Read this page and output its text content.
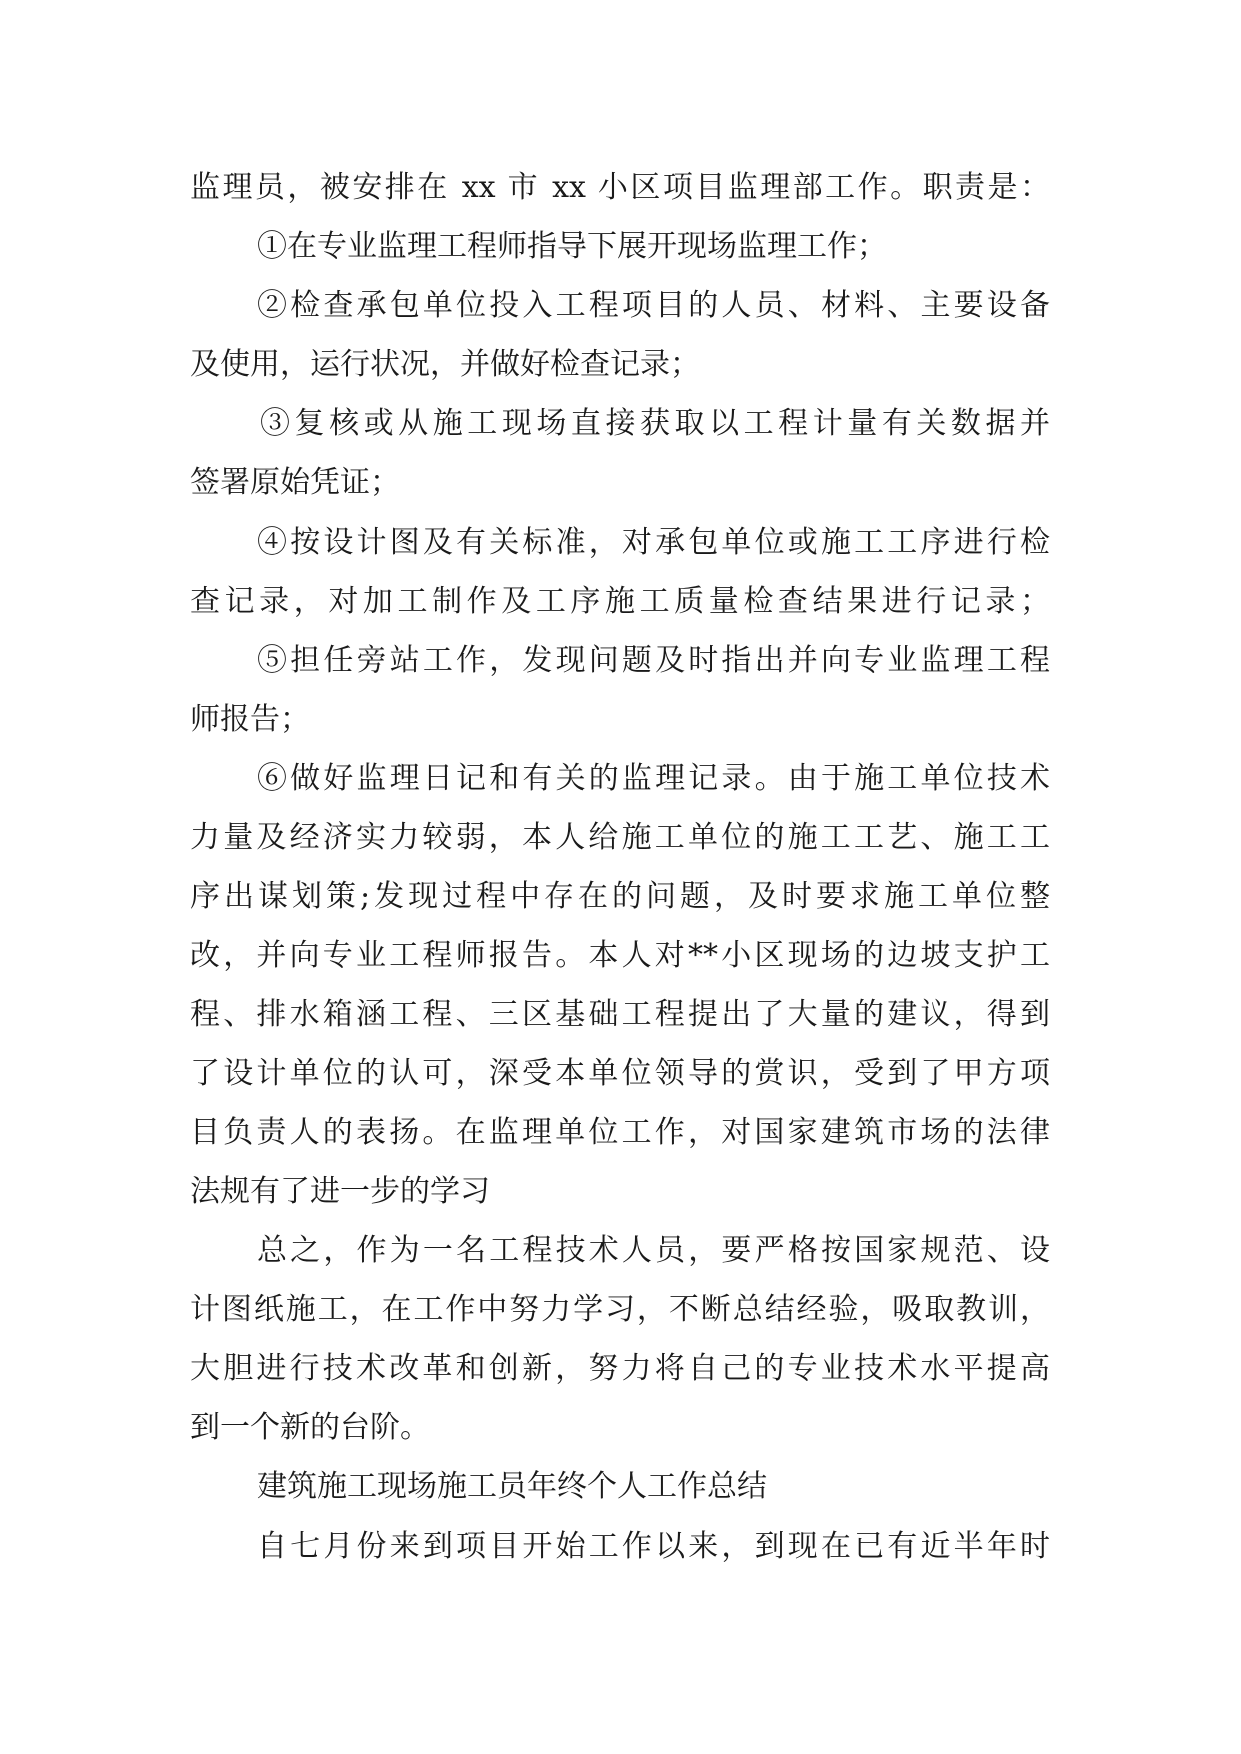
监理员，被安排在 xx 市 xx 小区项目监理部工作。职责是：
①在专业监理工程师指导下展开现场监理工作；
②检查承包单位投入工程项目的人员、材料、主要设备
及使用，运行状况，并做好检查记录；
③复核或从施工现场直接获取以工程计量有关数据并
签署原始凭证；
④按设计图及有关标准，对承包单位或施工工序进行检
查记录，对加工制作及工序施工质量检查结果进行记录；
⑤担任旁站工作，发现问题及时指出并向专业监理工程
师报告；
⑥做好监理日记和有关的监理记录。由于施工单位技术
力量及经济实力较弱，本人给施工单位的施工工艺、施工工
序出谋划策;发现过程中存在的问题，及时要求施工单位整
改，并向专业工程师报告。本人对**小区现场的边坡支护工
程、排水箱涵工程、三区基础工程提出了大量的建议，得到
了设计单位的认可，深受本单位领导的赏识，受到了甲方项
目负责人的表扬。在监理单位工作，对国家建筑市场的法律
法规有了进一步的学习
总之，作为一名工程技术人员，要严格按国家规范、设
计图纸施工，在工作中努力学习，不断总结经验，吸取教训，
大胆进行技术改革和创新，努力将自己的专业技术水平提高
到一个新的台阶。
建筑施工现场施工员年终个人工作总结
自七月份来到项目开始工作以来，到现在已有近半年时
